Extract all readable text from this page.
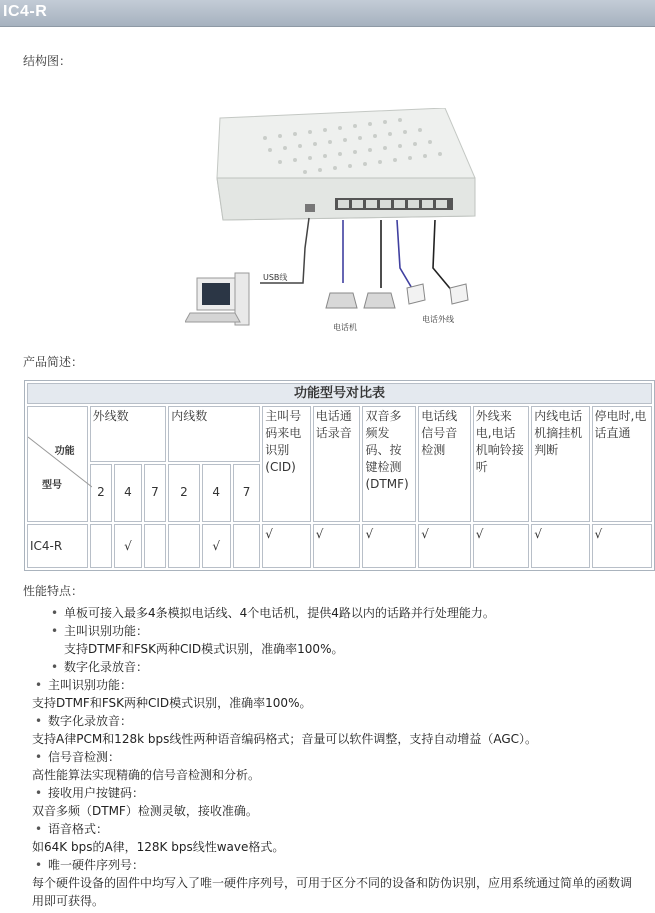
IC4-R
结构图：
USB线
电话机
电话外线
产品简述：
功能型号对比表													

功能
型号	外线数			内线数			主叫号码来电识别(CID)	电话通话录音	双音多频发码、按键检测(DTMF)	电话线信号音检测	外线来电,电话机响铃接听	内线电话机摘挂机判断	停电时,电话直通
	2	4	7	2	4	7							
IC4-R		√			√		√	√	√	√	√	√	√
性能特点：
• 单板可接入最多4条模拟电话线、4个电话机，提供4路以内的话路并行处理能力。
• 主叫识别功能：
支持DTMF和FSK两种CID模式识别，准确率100%。
• 数字化录放音：
• 主叫识别功能：
支持DTMF和FSK两种CID模式识别，准确率100%。
• 数字化录放音：
支持A律PCM和128k bps线性两种语音编码格式；音量可以软件调整，支持自动增益（AGC）。
• 信号音检测：
高性能算法实现精确的信号音检测和分析。
• 接收用户按键码：
双音多频（DTMF）检测灵敏，接收准确。
• 语音格式：
如64K bps的A律，128K bps线性wave格式。
• 唯一硬件序列号：
每个硬件设备的固件中均写入了唯一硬件序列号，可用于区分不同的设备和防伪识别，应用系统通过简单的函数调用即可获得。
